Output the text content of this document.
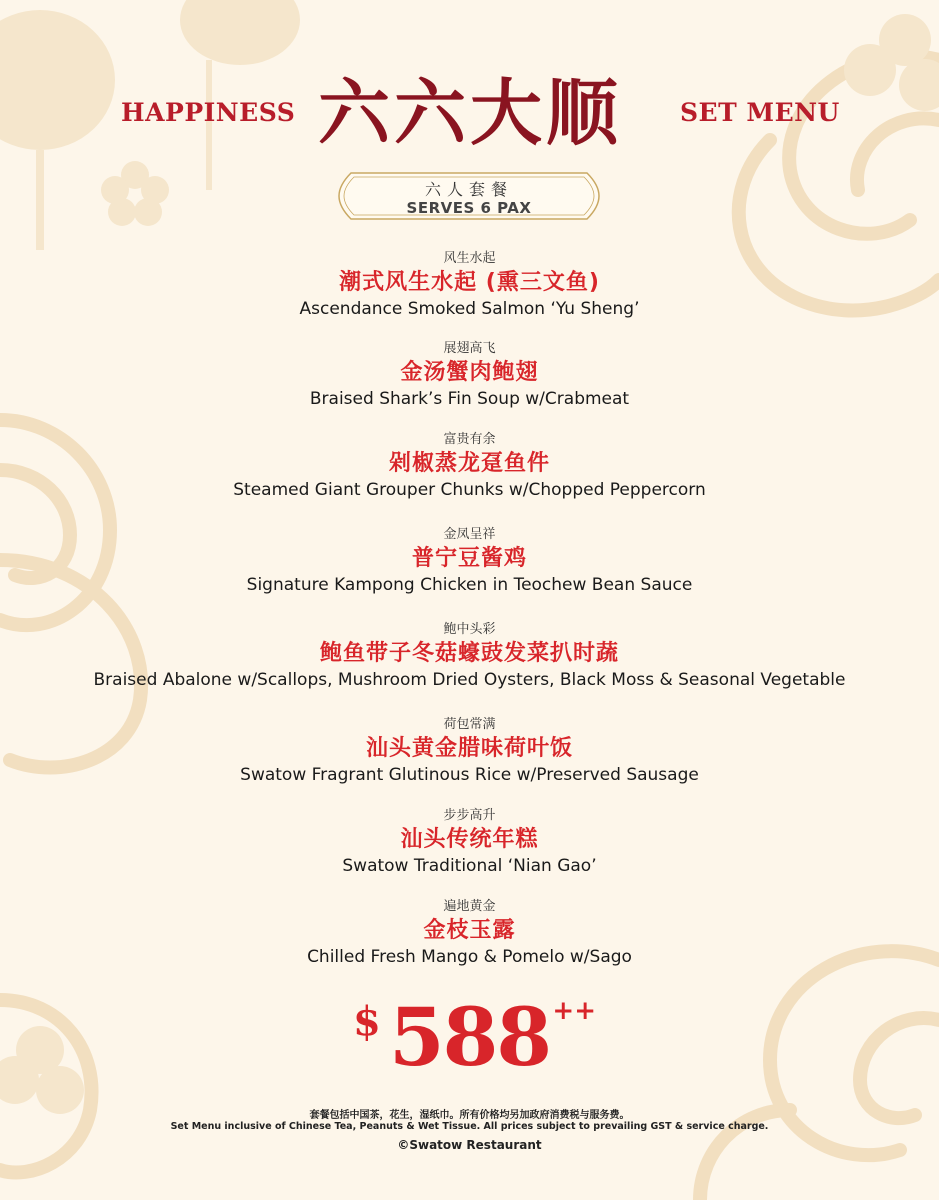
HAPPINESS 六六大顺	SET MENU
六人套餐
SERVES 6 PAX
风生水起
潮式风生水起 (熏三文鱼)
Ascendance Smoked Salmon ‘Yu Sheng’
展翅高飞
金汤蟹肉鲍翅
Braised Shark’s Fin Soup w/Crabmeat
富贵有余
剁椒蒸龙趸鱼件
Steamed Giant Grouper Chunks w/Chopped Peppercorn
金凤呈祥
普宁豆酱鸡
Signature Kampong Chicken in Teochew Bean Sauce
鲍中头彩
鲍鱼带子冬菇蠔豉发菜扒时蔬
Braised Abalone w/Scallops, Mushroom Dried Oysters, Black Moss & Seasonal Vegetable
荷包常满
汕头黄金腊味荷叶饭
Swatow Fragrant Glutinous Rice w/Preserved Sausage
步步高升
汕头传统年糕
Swatow Traditional ‘Nian Gao’
遍地黄金
金枝玉露
Chilled Fresh Mango & Pomelo w/Sago
$ 588 ++
套餐包括中国茶，花生，湿纸巾。所有价格均另加政府消费税与服务费。
Set Menu inclusive of Chinese Tea, Peanuts & Wet Tissue. All prices subject to prevailing GST & service charge.
©Swatow Restaurant
